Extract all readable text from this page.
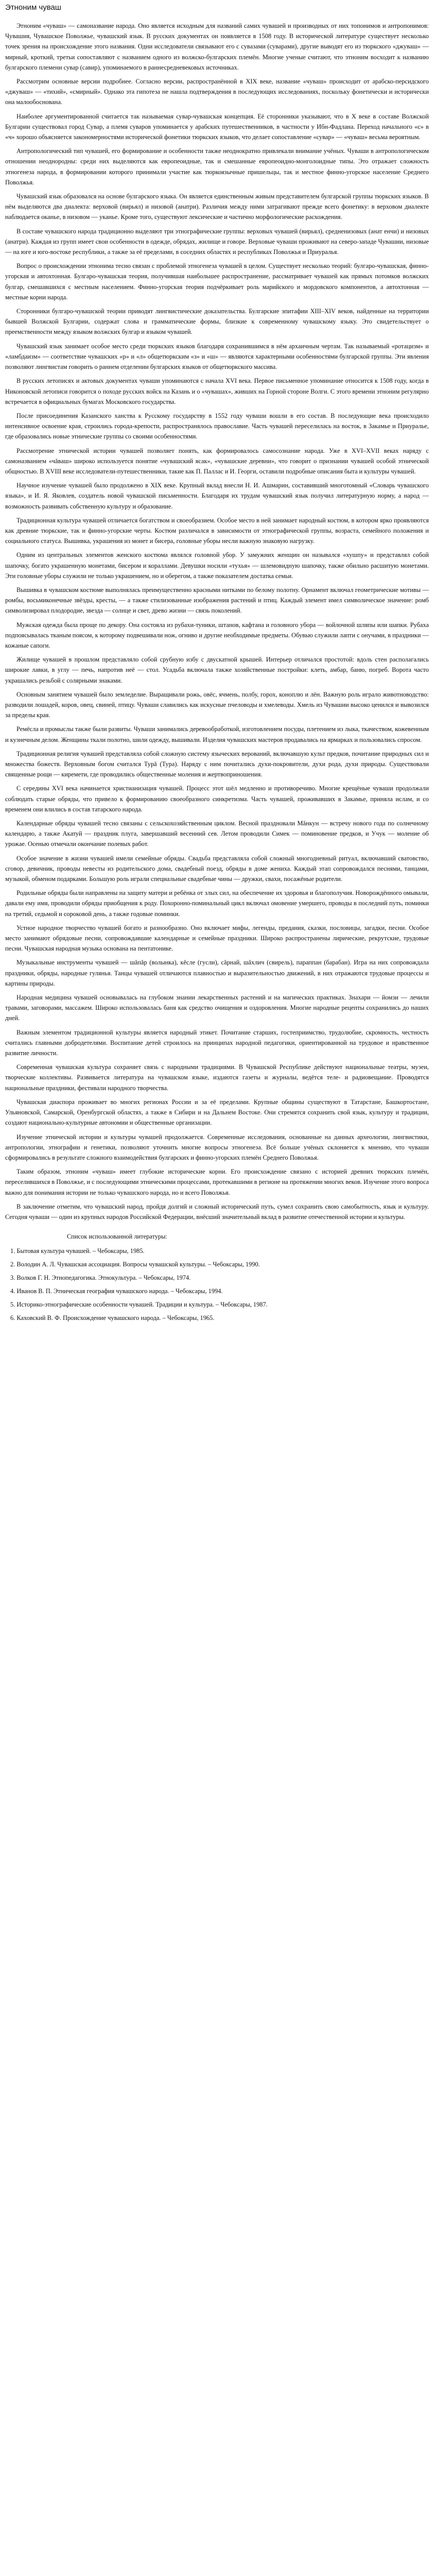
Этноним чуваш

Этноним «чуваш» — самоназвание народа. Оно является исходным для названий самих чувашей и производных от них топонимов и антропонимов: Чувашия, Чувашское Поволжье, чувашский язык. В русских документах он появляется в 1508 году. В исторической литературе существует несколько точек зрения на происхождение этого названия. Одни исследователи связывают его с сувазами (суварами), другие выводят его из тюркского «джуваш» — мирный, кроткий, третьи сопоставляют с названием одного из волжско-булгарских племён. Многие ученые считают, что этноним восходит к названию булгарского племени сувар (савир), упоминаемого в раннесредневековых источниках.

Рассмотрим основные версии подробнее. Согласно версии, распространённой в XIX веке, название «чуваш» происходит от арабско-персидского «джуваш» — «тихий», «смирный». Однако эта гипотеза не нашла подтверждения в последующих исследованиях, поскольку фонетически и исторически она малообоснована.

Наиболее аргументированной считается так называемая сувар-чувашская концепция. Её сторонники указывают, что в X веке в составе Волжской Булгарии существовал город Сувар, а племя суваров упоминается у арабских путешественников, в частности у Ибн-Фадлана. Переход начального «с» в «ч» хорошо объясняется закономерностями исторической фонетики тюркских языков, что делает сопоставление «сувар» — «чуваш» весьма вероятным.

Антропологический тип чувашей, его формирование и особенности также неоднократно привлекали внимание учёных. Чуваши в антропологическом отношении неоднородны: среди них выделяются как европеоидные, так и смешанные европеоидно-монголоидные типы. Это отражает сложность этногенеза народа, в формировании которого принимали участие как тюркоязычные пришельцы, так и местное финно-угорское население Среднего Поволжья.

Чувашский язык образовался на основе булгарского языка. Он является единственным живым представителем булгарской группы тюркских языков. В нём выделяются два диалекта: верховой (вирьял) и низовой (анатри). Различия между ними затрагивают прежде всего фонетику: в верховом диалекте наблюдается оканье, в низовом — уканье. Кроме того, существуют лексические и частично морфологические расхождения.

В составе чувашского народа традиционно выделяют три этнографические группы: верховых чувашей (вирьял), средненизовых (анат енчи) и низовых (анатри). Каждая из групп имеет свои особенности в одежде, обрядах, жилище и говоре. Верховые чуваши проживают на северо-западе Чувашии, низовые — на юге и юго-востоке республики, а также за её пределами, в соседних областях и республиках Поволжья и Приуралья.

Вопрос о происхождении этнонима тесно связан с проблемой этногенеза чувашей в целом. Существует несколько теорий: булгаро-чувашская, финно-угорская и автохтонная. Булгаро-чувашская теория, получившая наибольшее распространение, рассматривает чувашей как прямых потомков волжских булгар, смешавшихся с местным населением. Финно-угорская теория подчёркивает роль марийского и мордовского компонентов, а автохтонная — местные корни народа.

Сторонники булгаро-чувашской теории приводят лингвистические доказательства. Булгарские эпитафии XIII–XIV веков, найденные на территории бывшей Волжской Булгарии, содержат слова и грамматические формы, близкие к современному чувашскому языку. Это свидетельствует о преемственности между языком волжских булгар и языком чувашей.

Чувашский язык занимает особое место среди тюркских языков благодаря сохранившимся в нём архаичным чертам. Так называемый «ротацизм» и «ламбдаизм» — соответствие чувашских «р» и «л» общетюркским «з» и «ш» — являются характерными особенностями булгарской группы. Эти явления позволяют лингвистам говорить о раннем отделении булгарских языков от общетюркского массива.

В русских летописях и актовых документах чуваши упоминаются с начала XVI века. Первое письменное упоминание относится к 1508 году, когда в Никоновской летописи говорится о походе русских войск на Казань и о «чувашах», живших на Горной стороне Волги. С этого времени этноним регулярно встречается в официальных бумагах Московского государства.

После присоединения Казанского ханства к Русскому государству в 1552 году чуваши вошли в его состав. В последующие века происходило интенсивное освоение края, строились города-крепости, распространялось православие. Часть чувашей переселилась на восток, в Закамье и Приуралье, где образовались новые этнические группы со своими особенностями.

Рассмотрение этнической истории чувашей позволяет понять, как формировалось самосознание народа. Уже в XVI–XVII веках наряду с самоназванием «чăваш» широко используется понятие «чувашский ясак», «чувашские деревни», что говорит о признании чувашей особой этнической общностью. В XVIII веке исследователи-путешественники, такие как П. Паллас и И. Георги, оставили подробные описания быта и культуры чувашей.

Научное изучение чувашей было продолжено в XIX веке. Крупный вклад внесли Н. И. Ашмарин, составивший многотомный «Словарь чувашского языка», и И. Я. Яковлев, создатель новой чувашской письменности. Благодаря их трудам чувашский язык получил литературную норму, а народ — возможность развивать собственную культуру и образование.

Традиционная культура чувашей отличается богатством и своеобразием. Особое место в ней занимает народный костюм, в котором ярко проявляются как древние тюркские, так и финно-угорские черты. Костюм различался в зависимости от этнографической группы, возраста, семейного положения и социального статуса. Вышивка, украшения из монет и бисера, головные уборы несли важную знаковую нагрузку.

Одним из центральных элементов женского костюма являлся головной убор. У замужних женщин он назывался «хушпу» и представлял собой шапочку, богато украшенную монетами, бисером и кораллами. Девушки носили «тухья» — шлемовидную шапочку, также обильно расшитую монетами. Эти головные уборы служили не только украшением, но и оберегом, а также показателем достатка семьи.

Вышивка в чувашском костюме выполнялась преимущественно красными нитками по белому полотну. Орнамент включал геометрические мотивы — ромбы, восьмиконечные звёзды, кресты, — а также стилизованные изображения растений и птиц. Каждый элемент имел символическое значение: ромб символизировал плодородие, звезда — солнце и свет, древо жизни — связь поколений.

Мужская одежда была проще по декору. Она состояла из рубахи-туники, штанов, кафтана и головного убора — войлочной шляпы или шапки. Рубаха подпоясывалась тканым поясом, к которому подвешивали нож, огниво и другие необходимые предметы. Обувью служили лапти с онучами, в праздники — кожаные сапоги.

Жилище чувашей в прошлом представляло собой срубную избу с двускатной крышей. Интерьер отличался простотой: вдоль стен располагались широкие лавки, в углу — печь, напротив неё — стол. Усадьба включала также хозяйственные постройки: клеть, амбар, баню, погреб. Ворота часто украшались резьбой с солярными знаками.

Основным занятием чувашей было земледелие. Выращивали рожь, овёс, ячмень, полбу, горох, коноплю и лён. Важную роль играло животноводство: разводили лошадей, коров, овец, свиней, птицу. Чуваши славились как искусные пчеловоды и хмелеводы. Хмель из Чувашии высоко ценился и вывозился за пределы края.

Ремёсла и промыслы также были развиты. Чуваши занимались деревообработкой, изготовлением посуды, плетением из лыка, ткачеством, кожевенным и кузнечным делом. Женщины ткали полотно, шили одежду, вышивали. Изделия чувашских мастеров продавались на ярмарках и пользовались спросом.

Традиционная религия чувашей представляла собой сложную систему языческих верований, включавшую культ предков, почитание природных сил и множества божеств. Верховным богом считался Турă (Тура). Наряду с ним почитались духи-покровители, духи рода, духи природы. Существовали священные рощи — киремети, где проводились общественные моления и жертвоприношения.

С середины XVI века начинается христианизация чувашей. Процесс этот шёл медленно и противоречиво. Многие крещёные чуваши продолжали соблюдать старые обряды, что привело к формированию своеобразного синкретизма. Часть чувашей, проживавших в Закамье, приняла ислам, и со временем они влились в состав татарского народа.

Календарные обряды чувашей тесно связаны с сельскохозяйственным циклом. Весной праздновали Мăнкун — встречу нового года по солнечному календарю, а также Акатуй — праздник плуга, завершавший весенний сев. Летом проводили Симек — поминовение предков, и Учук — моление об урожае. Осенью отмечали окончание полевых работ.

Особое значение в жизни чувашей имели семейные обряды. Свадьба представляла собой сложный многодневный ритуал, включавший сватовство, сговор, девичник, проводы невесты из родительского дома, свадебный поезд, обряды в доме жениха. Каждый этап сопровождался песнями, танцами, музыкой, обменом подарками. Большую роль играли специальные свадебные чины — дружки, свахи, посажёные родители.

Родильные обряды были направлены на защиту матери и ребёнка от злых сил, на обеспечение их здоровья и благополучия. Новорождённого омывали, давали ему имя, проводили обряды приобщения к роду. Похоронно-поминальный цикл включал омовение умершего, проводы в последний путь, поминки на третий, седьмой и сороковой день, а также годовые поминки.

Устное народное творчество чувашей богато и разнообразно. Оно включает мифы, легенды, предания, сказки, пословицы, загадки, песни. Особое место занимают обрядовые песни, сопровождавшие календарные и семейные праздники. Широко распространены лирические, рекрутские, трудовые песни. Чувашская народная музыка основана на пентатонике.

Музыкальные инструменты чувашей — шăпăр (волынка), кĕсле (гусли), сăрнай, шăхлич (свирель), параппан (барабан). Игра на них сопровождала праздники, обряды, народные гулянья. Танцы чувашей отличаются плавностью и выразительностью движений, в них отражаются трудовые процессы и картины природы.

Народная медицина чувашей основывалась на глубоком знании лекарственных растений и на магических практиках. Знахари — йомзи — лечили травами, заговорами, массажем. Широко использовалась баня как средство очищения и оздоровления. Многие народные рецепты сохранились до наших дней.

Важным элементом традиционной культуры является народный этикет. Почитание старших, гостеприимство, трудолюбие, скромность, честность считались главными добродетелями. Воспитание детей строилось на принципах народной педагогики, ориентированной на трудовое и нравственное развитие личности.

Современная чувашская культура сохраняет связь с народными традициями. В Чувашской Республике действуют национальные театры, музеи, творческие коллективы. Развивается литература на чувашском языке, издаются газеты и журналы, ведётся теле- и радиовещание. Проводятся национальные праздники, фестивали народного творчества.

Чувашская диаспора проживает во многих регионах России и за её пределами. Крупные общины существуют в Татарстане, Башкортостане, Ульяновской, Самарской, Оренбургской областях, а также в Сибири и на Дальнем Востоке. Они стремятся сохранить свой язык, культуру и традиции, создают национально-культурные автономии и общественные организации.

Изучение этнической истории и культуры чувашей продолжается. Современные исследования, основанные на данных археологии, лингвистики, антропологии, этнографии и генетики, позволяют уточнить многие вопросы этногенеза. Всё больше учёных склоняется к мнению, что чуваши сформировались в результате сложного взаимодействия булгарских и финно-угорских племён Среднего Поволжья.

Таким образом, этноним «чуваш» имеет глубокие исторические корни. Его происхождение связано с историей древних тюркских племён, переселившихся в Поволжье, и с последующими этническими процессами, протекавшими в регионе на протяжении многих веков. Изучение этого вопроса важно для понимания истории не только чувашского народа, но и всего Поволжья.

В заключение отметим, что чувашский народ, пройдя долгий и сложный исторический путь, сумел сохранить свою самобытность, язык и культуру. Сегодня чуваши — один из крупных народов Российской Федерации, внёсший значительный вклад в развитие отечественной истории и культуры.

Список использованной литературы:

1. Бытовая культура чувашей. – Чебоксары, 1985.
2. Володин А. Л. Чувашская ассоциация. Вопросы чувашской культуры. – Чебоксары, 1990.
3. Волков Г. Н. Этнопедагогика. Этнокультура. – Чебоксары, 1974.
4. Иванов В. П. Этническая география чувашского народа. – Чебоксары, 1994.
5. Историко-этнографические особенности чувашей. Традиции и культура. – Чебоксары, 1987.
6. Каховский В. Ф. Происхождение чувашского народа. – Чебоксары, 1965.
